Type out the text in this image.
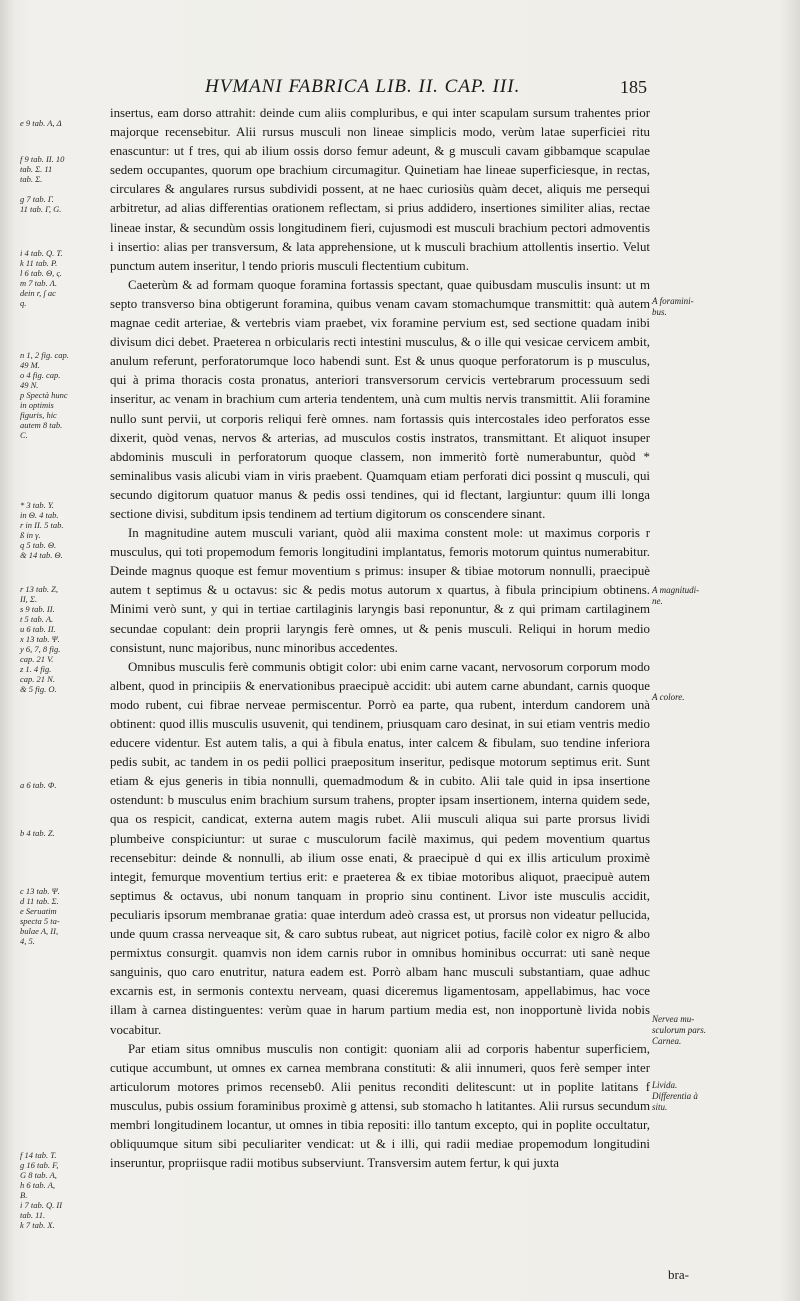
HVMANI FABRICA LIB. II. CAP. III.	185
e 9 tab. A, Δ
f 9 tab. II. 10
tab. Σ. 11
tab. Σ.
g 7 tab. Γ.
11 tab. Γ, G.
i 4 tab. Q. T.
k 11 tab. P.
l 6 tab. Θ, ς.
m 7 tab. Λ.
dein r, ſ ac
q.
n 1, 2 fig. cap.
49 M.
o 4 fig. cap.
49 N.
p Spectà hunc
in optimis
figuris, hic
autem 8 tab.
C.
* 3 tab. Y.
in Θ. 4 tab.
r in II. 5 tab.
ß in γ.
q 5 tab. Θ.
& 14 tab. Θ.
r 13 tab. Z,
II, Σ.
s 9 tab. II.
t 5 tab. A.
u 6 tab. II.
x 13 tab. Ψ.
y 6, 7, 8 fig.
cap. 21 V.
z 1. 4 fig.
cap. 21 N.
& 5 fig. O.
a 6 tab. Φ.
b 4 tab. Z.
c 13 tab. Ψ.
d 11 tab. Σ.
e Seruatim
specta 5 ta-
bulae A, II,
4, 5.
f 14 tab. T.
g 16 tab. F,
G 8 tab. A,
h 6 tab. A,
B.
i 7 tab. Q. II
tab. 11.
k 7 tab. X.

insertus, eam dorso attrahit: deinde cum aliis compluribus, e qui inter scapulam sursum trahentes prior majorque recensebitur. Alii rursus musculi non lineae simplicis modo, verùm latae superficiei ritu enascuntur: ut f tres, qui ab ilium ossis dorso femur adeunt, & g musculi cavam gibbamque scapulae sedem occupantes, quorum ope brachium circumagitur. Quinetiam hae lineae superficiesque, in rectas, circulares & angulares rursus subdividi possent, at ne haec curiosiùs quàm decet, aliquis me persequi arbitretur, ad alias differentias orationem reflectam, si prius addidero, insertiones similiter alias, rectae lineae instar, & secundùm ossis longitudinem fieri, cujusmodi est musculi brachium pectori admoventis i insertio: alias per transversum, & lata apprehensione, ut k musculi brachium attollentis insertio. Velut punctum autem inseritur, l tendo prioris musculi flectentium cubitum.

Caeterùm & ad formam quoque foramina fortassis spectant, quae quibusdam musculis insunt: ut m septo transverso bina obtigerunt foramina, quibus venam cavam stomachumque transmittit: quà autem magnae cedit arteriae, & vertebris viam praebet, vix foramine pervium est, sed sectione quadam inibi divisum dici debet. Praeterea n orbicularis recti intestini musculus, & o ille qui vesicae cervicem ambit, anulum referunt, perforatorumque loco habendi sunt. Est & unus quoque perforatorum is p musculus, qui à prima thoracis costa pronatus, anteriori transversorum cervicis vertebrarum processuum sedi inseritur, ac venam in brachium cum arteria tendentem, unà cum multis nervis transmittit. Alii foramine nullo sunt pervii, ut corporis reliqui ferè omnes. nam fortassis quis intercostales ideo perforatos esse dixerit, quòd venas, nervos & arterias, ad musculos costis instratos, transmittant. Et aliquot insuper abdominis musculi in perforatorum quoque classem, non immeritò fortè numerabuntur, quòd * seminalibus vasis alicubi viam in viris praebent. Quamquam etiam perforati dici possint q musculi, qui secundo digitorum quatuor manus & pedis ossi tendines, qui id flectant, largiuntur: quum illi longa sectione divisi, subditum ipsis tendinem ad tertium digitorum os conscendere sinant.

In magnitudine autem musculi variant, quòd alii maxima constent mole: ut maximus corporis r musculus, qui toti propemodum femoris longitudini implantatus, femoris motorum quintus numerabitur. Deinde magnus quoque est femur moventium s primus: insuper & tibiae motorum nonnulli, praecipuè autem t septimus & u octavus: sic & pedis motus autorum x quartus, à fibula principium obtinens. Minimi verò sunt, y qui in tertiae cartilaginis laryngis basi reponuntur, & z qui primam cartilaginem secundae copulant: dein proprii laryngis ferè omnes, ut & penis musculi. Reliqui in horum medio consistunt, nunc majoribus, nunc minoribus accedentes.

Omnibus musculis ferè communis obtigit color: ubi enim carne vacant, nervosorum corporum modo albent, quod in principiis & enervationibus praecipuè accidit: ubi autem carne abundant, carnis quoque modo rubent, cui fibrae nerveae permiscentur. Porrò ea parte, qua rubent, interdum candorem unà obtinent: quod illis musculis usuvenit, qui tendinem, priusquam caro desinat, in sui etiam ventris medio educere videntur. Est autem talis, a qui à fibula enatus, inter calcem & fibulam, suo tendine inferiora pedis subit, ac tandem in os pedii pollici praepositum inseritur, pedisque motorum septimus erit. Sunt etiam & ejus generis in tibia nonnulli, quemadmodum & in cubito. Alii tale quid in ipsa insertione ostendunt: b musculus enim brachium sursum trahens, propter ipsam insertionem, interna quidem sede, qua os respicit, candicat, externa autem magis rubet. Alii musculi aliqua sui parte prorsus lividi plumbeive conspiciuntur: ut surae c musculorum facilè maximus, qui pedem moventium quartus recensebitur: deinde & nonnulli, ab ilium osse enati, & praecipuè d qui ex illis articulum proximè integit, femurque moventium tertius erit: e praeterea & ex tibiae motoribus aliquot, praecipuè autem septimus & octavus, ubi nonum tanquam in proprio sinu continent. Livor iste musculis accidit, peculiaris ipsorum membranae gratia: quae interdum adeò crassa est, ut prorsus non videatur pellucida, unde quum crassa nerveaque sit, & caro subtus rubeat, aut nigricet potius, facilè color ex nigro & albo permixtus consurgit. quamvis non idem carnis rubor in omnibus hominibus occurrat: uti sanè neque sanguinis, quo caro enutritur, natura eadem est. Porrò albam hanc musculi substantiam, quae adhuc excarnis est, in sermonis contextu nerveam, quasi diceremus ligamentosam, appellabimus, hac voce illam à carnea distinguentes: verùm quae in harum partium media est, non inopportunè livida nobis vocabitur.

Par etiam situs omnibus musculis non contigit: quoniam alii ad corporis habentur superficiem, cutique accumbunt, ut omnes ex carnea membrana constituti: & alii innumeri, quos ferè semper inter articulorum motores primos recenseb0. Alii penitus reconditi delitescunt: ut in poplite latitans f musculus, pubis ossium foraminibus proximè g attensi, sub stomacho h latitantes. Alii rursus secundum membri longitudinem locantur, ut omnes in tibia repositi: illo tantum excepto, qui in poplite occultatur, obliquumque situm sibi peculiariter vendicat: ut & i illi, qui radii mediae propemodum longitudini inseruntur, propriisque radii motibus subserviunt. Transversim autem fertur, k qui juxta

A foramini-
bus.
A magnitudi-
ne.
A colore.
Nervea mu-
sculorum pars.
Carnea.
Livida.
Differentia à
situ.
bra-
